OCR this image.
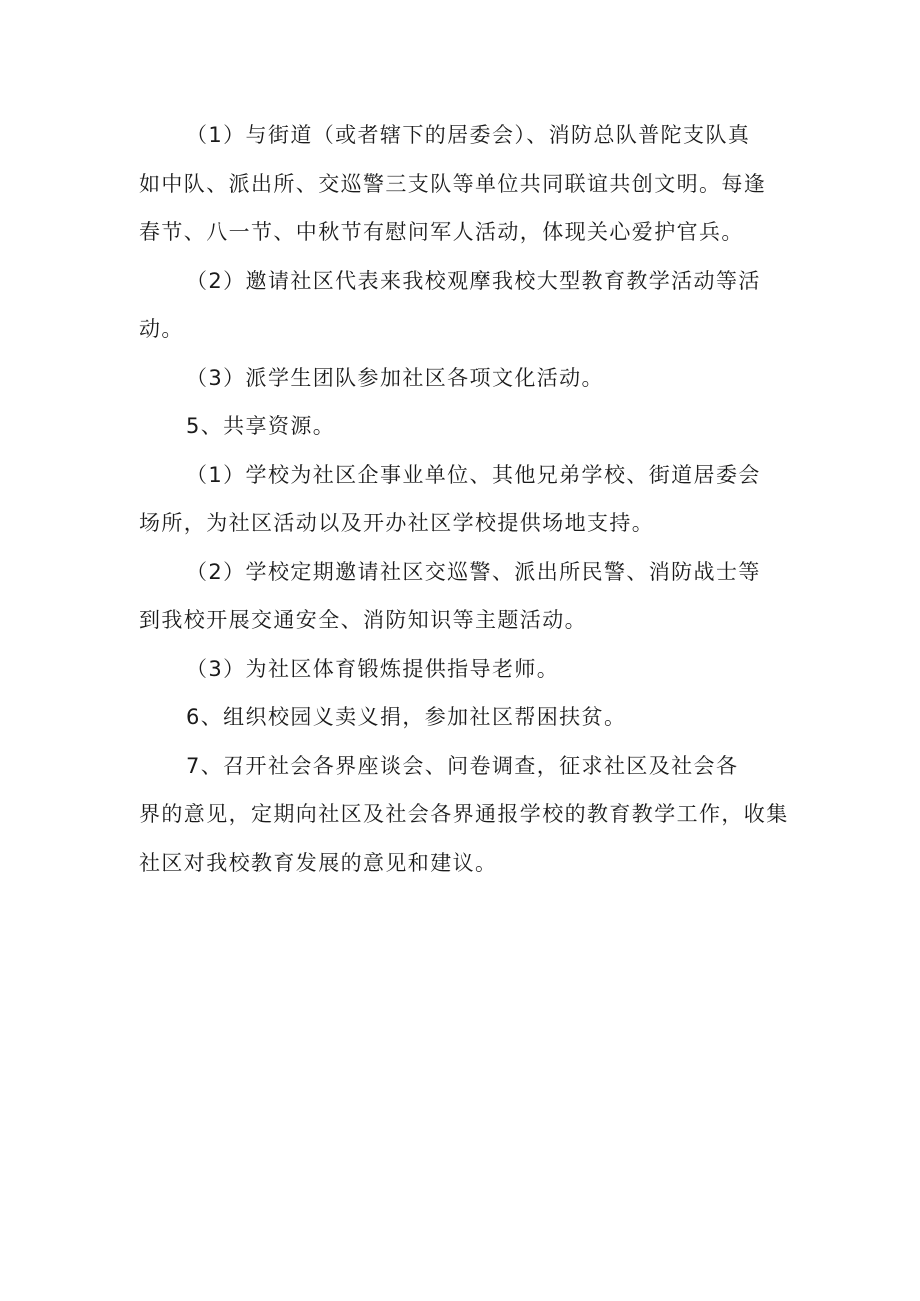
（1）与街道（或者辖下的居委会）、消防总队普陀支队真
如中队、派出所、交巡警三支队等单位共同联谊共创文明。每逢
春节、八一节、中秋节有慰问军人活动，体现关心爱护官兵。
（2）邀请社区代表来我校观摩我校大型教育教学活动等活
动。
（3）派学生团队参加社区各项文化活动。
5、共享资源。
（1）学校为社区企事业单位、其他兄弟学校、街道居委会
场所，为社区活动以及开办社区学校提供场地支持。
（2）学校定期邀请社区交巡警、派出所民警、消防战士等
到我校开展交通安全、消防知识等主题活动。
（3）为社区体育锻炼提供指导老师。
6、组织校园义卖义捐，参加社区帮困扶贫。
7、召开社会各界座谈会、问卷调查，征求社区及社会各
界的意见，定期向社区及社会各界通报学校的教育教学工作，收集
社区对我校教育发展的意见和建议。
